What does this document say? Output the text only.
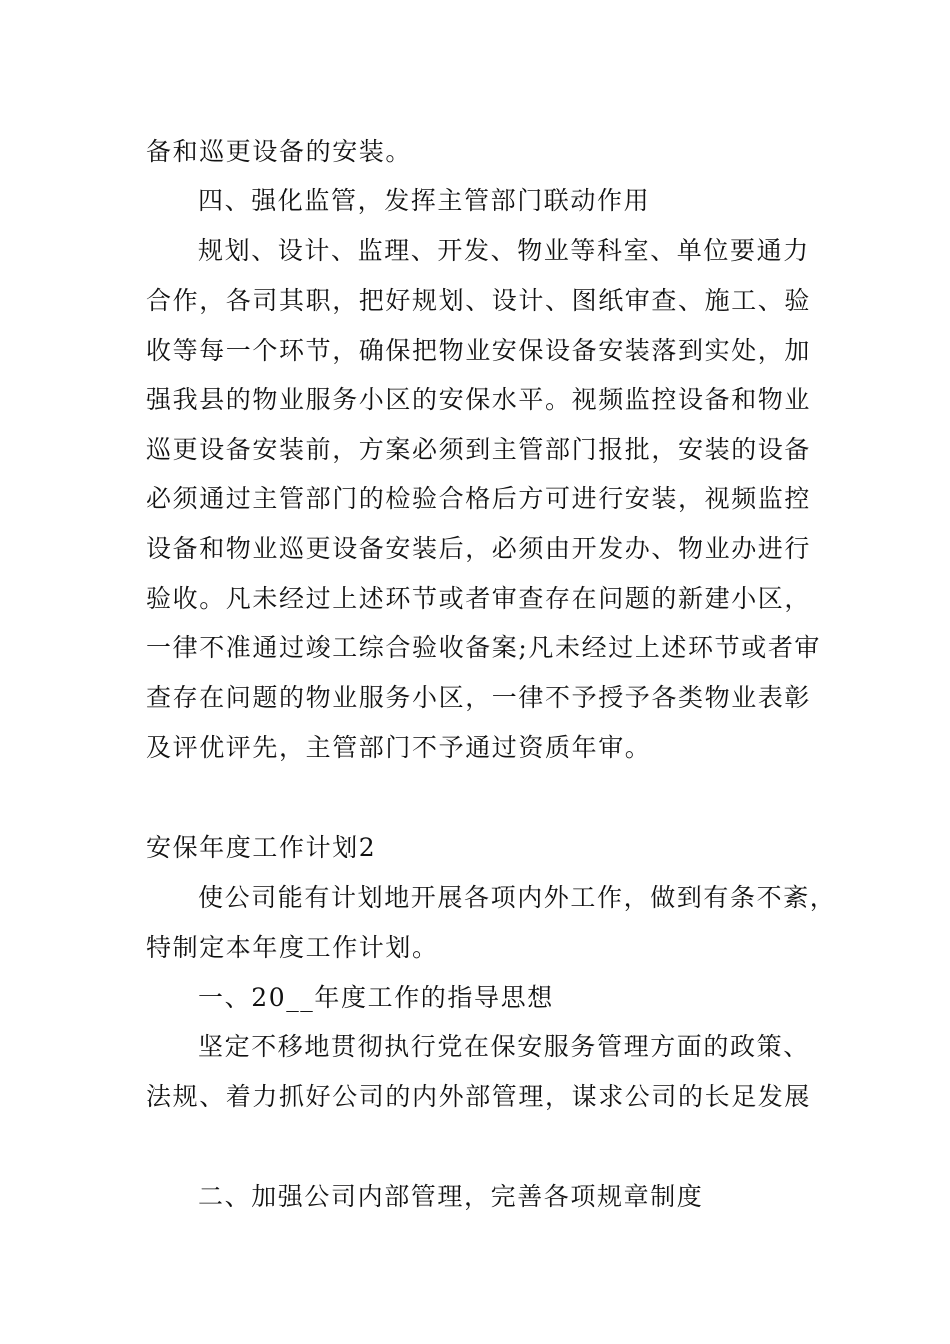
备和巡更设备的安装。
四、强化监管，发挥主管部门联动作用
规划、设计、监理、开发、物业等科室、单位要通力
合作，各司其职，把好规划、设计、图纸审查、施工、验
收等每一个环节，确保把物业安保设备安装落到实处，加
强我县的物业服务小区的安保水平。视频监控设备和物业
巡更设备安装前，方案必须到主管部门报批，安装的设备
必须通过主管部门的检验合格后方可进行安装，视频监控
设备和物业巡更设备安装后，必须由开发办、物业办进行
验收。凡未经过上述环节或者审查存在问题的新建小区，
一律不准通过竣工综合验收备案;凡未经过上述环节或者审
查存在问题的物业服务小区，一律不予授予各类物业表彰
及评优评先，主管部门不予通过资质年审。
安保年度工作计划2
使公司能有计划地开展各项内外工作，做到有条不紊，
特制定本年度工作计划。
一、20__年度工作的指导思想
坚定不移地贯彻执行党在保安服务管理方面的政策、
法规、着力抓好公司的内外部管理，谋求公司的长足发展
二、加强公司内部管理，完善各项规章制度
